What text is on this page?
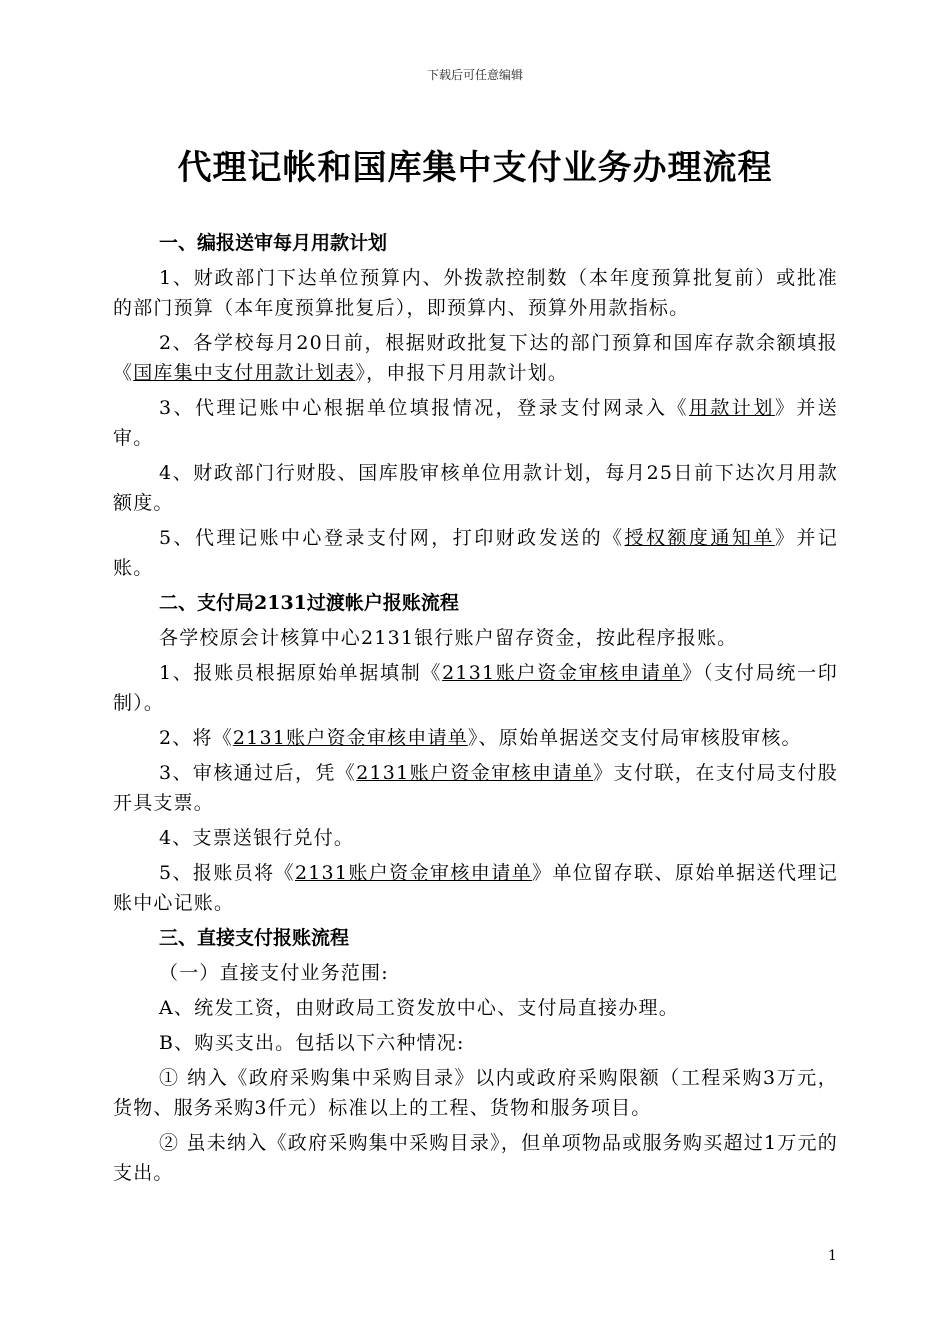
下载后可任意编辑
代理记帐和国库集中支付业务办理流程
一、编报送审每月用款计划
1、财政部门下达单位预算内、外拨款控制数（本年度预算批复前）或批准的部门预算（本年度预算批复后），即预算内、预算外用款指标。
2、各学校每月20日前，根据财政批复下达的部门预算和国库存款余额填报《国库集中支付用款计划表》，申报下月用款计划。
3、代理记账中心根据单位填报情况，登录支付网录入《用款计划》并送审。
4、财政部门行财股、国库股审核单位用款计划，每月25日前下达次月用款额度。
5、代理记账中心登录支付网，打印财政发送的《授权额度通知单》并记账。
二、支付局2131过渡帐户报账流程
各学校原会计核算中心2131银行账户留存资金，按此程序报账。
1、报账员根据原始单据填制《2131账户资金审核申请单》（支付局统一印制）。
2、将《2131账户资金审核申请单》、原始单据送交支付局审核股审核。
3、审核通过后，凭《2131账户资金审核申请单》支付联，在支付局支付股开具支票。
4、支票送银行兑付。
5、报账员将《2131账户资金审核申请单》单位留存联、原始单据送代理记账中心记账。
三、直接支付报账流程
（一）直接支付业务范围:
A、统发工资，由财政局工资发放中心、支付局直接办理。
B、购买支出。包括以下六种情况:
① 纳入《政府采购集中采购目录》以内或政府采购限额（工程采购3万元，货物、服务采购3仟元）标准以上的工程、货物和服务项目。
② 虽未纳入《政府采购集中采购目录》，但单项物品或服务购买超过1万元的支出。
1
